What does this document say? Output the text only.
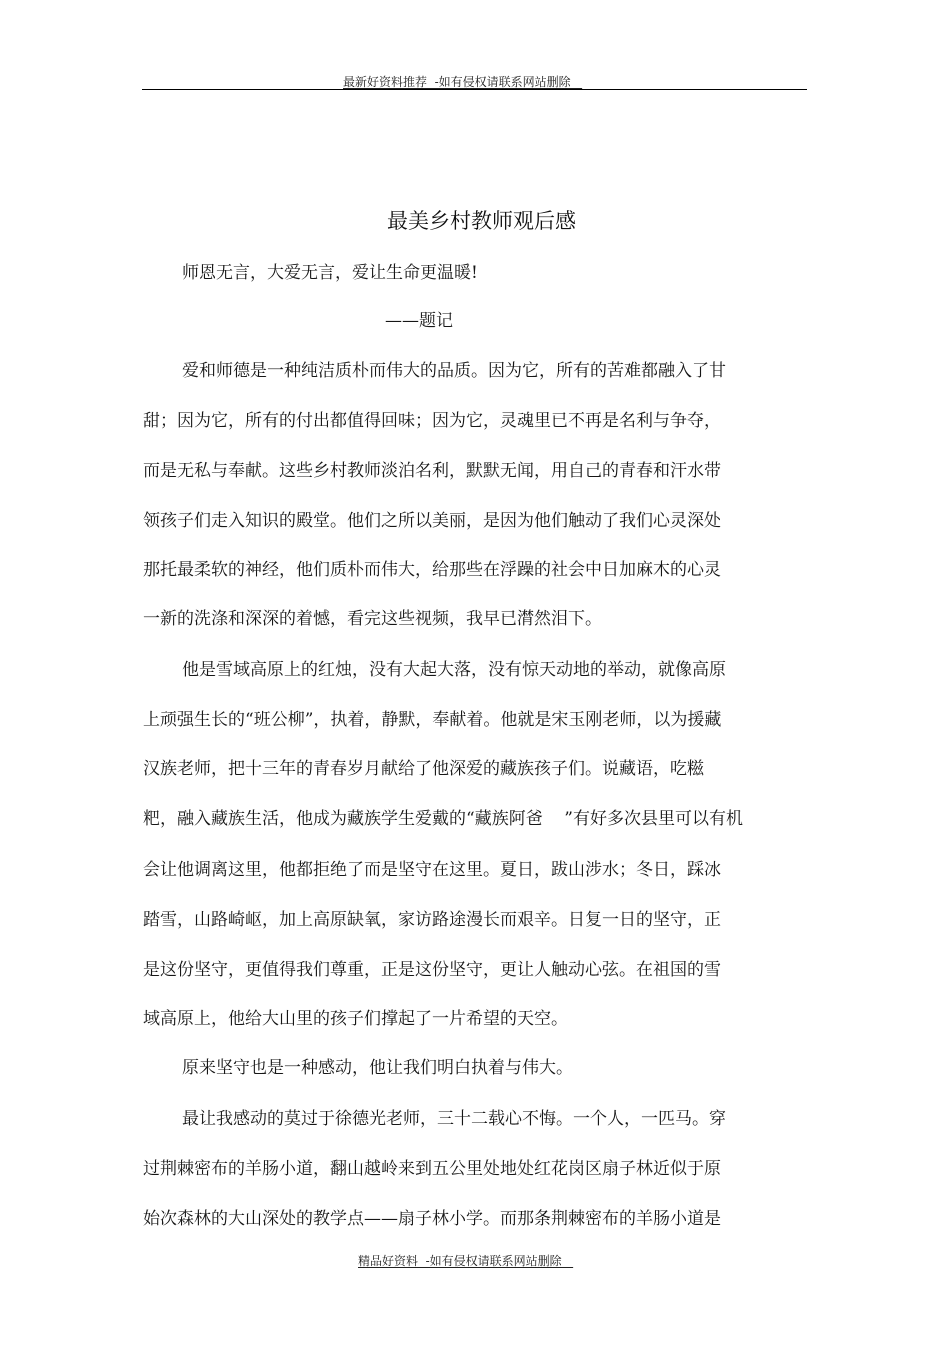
最新好资料推荐  -如有侵权请联系网站删除
最美乡村教师观后感
师恩无言，大爱无言，爱让生命更温暖!
——题记
爱和师德是一种纯洁质朴而伟大的品质。因为它，所有的苦难都融入了甘
甜；因为它，所有的付出都值得回味；因为它，灵魂里已不再是名利与争夺，
而是无私与奉献。这些乡村教师淡泊名利，默默无闻，用自己的青春和汗水带
领孩子们走入知识的殿堂。他们之所以美丽，是因为他们触动了我们心灵深处
那托最柔软的神经，他们质朴而伟大，给那些在浮躁的社会中日加麻木的心灵
一新的洗涤和深深的着憾，看完这些视频，我早已潸然泪下。
他是雪域高原上的红烛，没有大起大落，没有惊天动地的举动，就像高原
上顽强生长的“班公柳”，执着，静默，奉献着。他就是宋玉刚老师，以为援藏
汉族老师，把十三年的青春岁月献给了他深爱的藏族孩子们。说藏语，吃糍
粑，融入藏族生活，他成为藏族学生爱戴的“藏族阿爸    ”有好多次县里可以有机
会让他调离这里，他都拒绝了而是坚守在这里。夏日，跋山涉水；冬日，踩冰
踏雪，山路崎岖，加上高原缺氧，家访路途漫长而艰辛。日复一日的坚守，正
是这份坚守，更值得我们尊重，正是这份坚守，更让人触动心弦。在祖国的雪
域高原上，他给大山里的孩子们撑起了一片希望的天空。
原来坚守也是一种感动，他让我们明白执着与伟大。
最让我感动的莫过于徐德光老师，三十二载心不悔。一个人，一匹马。穿
过荆棘密布的羊肠小道，翻山越岭来到五公里处地处红花岗区扇子林近似于原
始次森林的大山深处的教学点——扇子林小学。而那条荆棘密布的羊肠小道是
精品好资料  -如有侵权请联系网站删除
